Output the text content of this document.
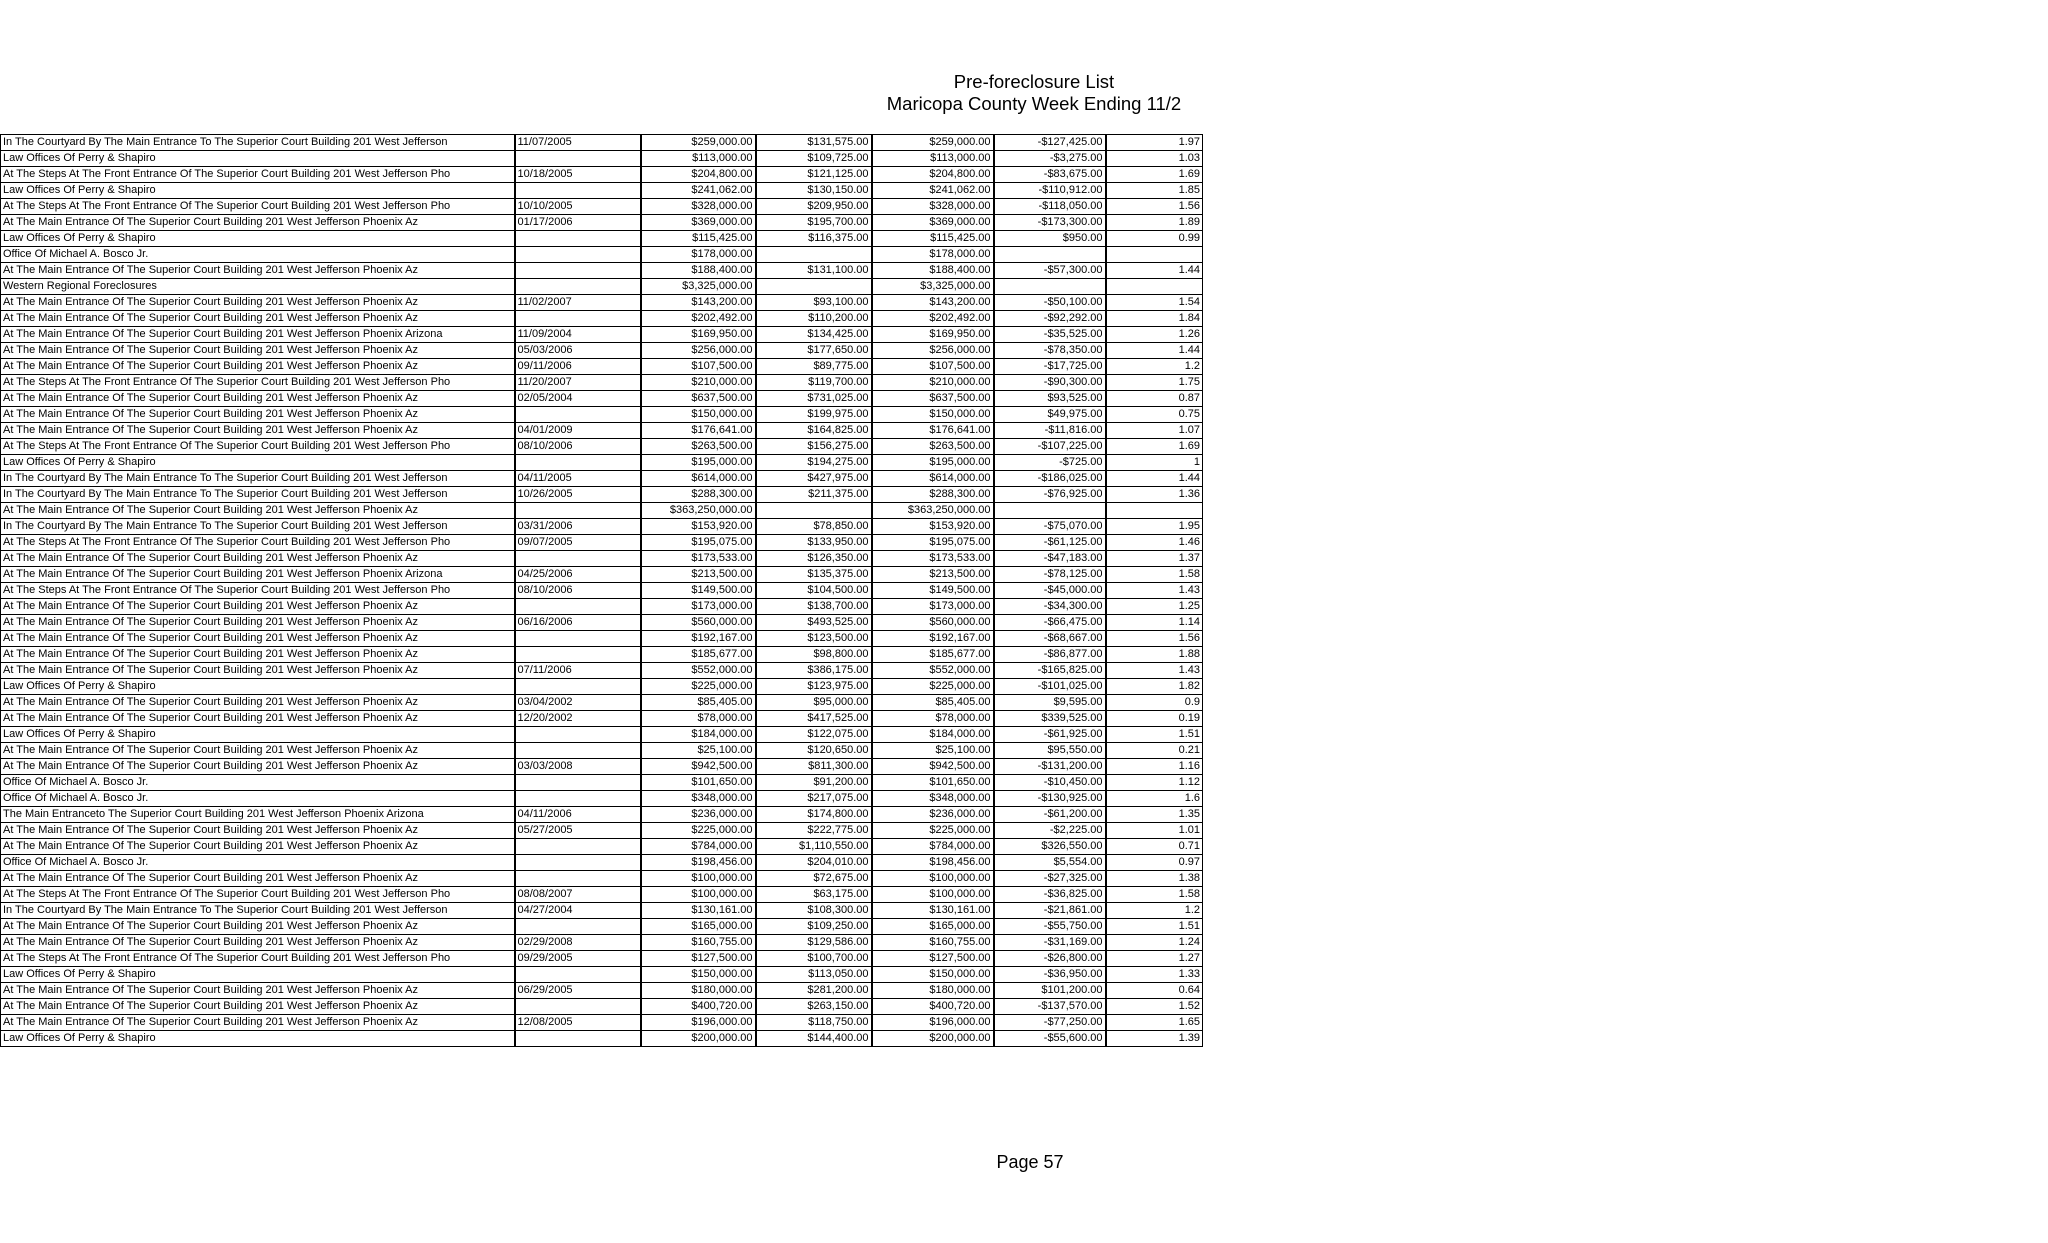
Pre-foreclosure List
Maricopa County Week Ending 11/2
In The Courtyard By The Main Entrance To The Superior Court Building 201 West Jefferson	11/07/2005	$259,000.00	$131,575.00	$259,000.00	-$127,425.00	1.97
Law Offices Of Perry & Shapiro		$113,000.00	$109,725.00	$113,000.00	-$3,275.00	1.03
At The Steps At The Front Entrance Of The Superior Court Building 201 West Jefferson Pho	10/18/2005	$204,800.00	$121,125.00	$204,800.00	-$83,675.00	1.69
Law Offices Of Perry & Shapiro		$241,062.00	$130,150.00	$241,062.00	-$110,912.00	1.85
At The Steps At The Front Entrance Of The Superior Court Building 201 West Jefferson Pho	10/10/2005	$328,000.00	$209,950.00	$328,000.00	-$118,050.00	1.56
At The Main Entrance Of The Superior Court Building 201 West Jefferson Phoenix Az	01/17/2006	$369,000.00	$195,700.00	$369,000.00	-$173,300.00	1.89
Law Offices Of Perry & Shapiro		$115,425.00	$116,375.00	$115,425.00	$950.00	0.99
Office Of Michael A. Bosco Jr.		$178,000.00		$178,000.00		
At The Main Entrance Of The Superior Court Building 201 West Jefferson Phoenix Az		$188,400.00	$131,100.00	$188,400.00	-$57,300.00	1.44
Western Regional Foreclosures		$3,325,000.00		$3,325,000.00		
At The Main Entrance Of The Superior Court Building 201 West Jefferson Phoenix Az	11/02/2007	$143,200.00	$93,100.00	$143,200.00	-$50,100.00	1.54
At The Main Entrance Of The Superior Court Building 201 West Jefferson Phoenix Az		$202,492.00	$110,200.00	$202,492.00	-$92,292.00	1.84
At The Main Entrance Of The Superior Court Building 201 West Jefferson Phoenix Arizona	11/09/2004	$169,950.00	$134,425.00	$169,950.00	-$35,525.00	1.26
At The Main Entrance Of The Superior Court Building 201 West Jefferson Phoenix Az	05/03/2006	$256,000.00	$177,650.00	$256,000.00	-$78,350.00	1.44
At The Main Entrance Of The Superior Court Building 201 West Jefferson Phoenix Az	09/11/2006	$107,500.00	$89,775.00	$107,500.00	-$17,725.00	1.2
At The Steps At The Front Entrance Of The Superior Court Building 201 West Jefferson Pho	11/20/2007	$210,000.00	$119,700.00	$210,000.00	-$90,300.00	1.75
At The Main Entrance Of The Superior Court Building 201 West Jefferson Phoenix Az	02/05/2004	$637,500.00	$731,025.00	$637,500.00	$93,525.00	0.87
At The Main Entrance Of The Superior Court Building 201 West Jefferson Phoenix Az		$150,000.00	$199,975.00	$150,000.00	$49,975.00	0.75
At The Main Entrance Of The Superior Court Building 201 West Jefferson Phoenix Az	04/01/2009	$176,641.00	$164,825.00	$176,641.00	-$11,816.00	1.07
At The Steps At The Front Entrance Of The Superior Court Building 201 West Jefferson Pho	08/10/2006	$263,500.00	$156,275.00	$263,500.00	-$107,225.00	1.69
Law Offices Of Perry & Shapiro		$195,000.00	$194,275.00	$195,000.00	-$725.00	1
In The Courtyard By The Main Entrance To The Superior Court Building 201 West Jefferson	04/11/2005	$614,000.00	$427,975.00	$614,000.00	-$186,025.00	1.44
In The Courtyard By The Main Entrance To The Superior Court Building 201 West Jefferson	10/26/2005	$288,300.00	$211,375.00	$288,300.00	-$76,925.00	1.36
At The Main Entrance Of The Superior Court Building 201 West Jefferson Phoenix Az		$363,250,000.00		$363,250,000.00		
In The Courtyard By The Main Entrance To The Superior Court Building 201 West Jefferson	03/31/2006	$153,920.00	$78,850.00	$153,920.00	-$75,070.00	1.95
At The Steps At The Front Entrance Of The Superior Court Building 201 West Jefferson Pho	09/07/2005	$195,075.00	$133,950.00	$195,075.00	-$61,125.00	1.46
At The Main Entrance Of The Superior Court Building 201 West Jefferson Phoenix Az		$173,533.00	$126,350.00	$173,533.00	-$47,183.00	1.37
At The Main Entrance Of The Superior Court Building 201 West Jefferson Phoenix Arizona	04/25/2006	$213,500.00	$135,375.00	$213,500.00	-$78,125.00	1.58
At The Steps At The Front Entrance Of The Superior Court Building 201 West Jefferson Pho	08/10/2006	$149,500.00	$104,500.00	$149,500.00	-$45,000.00	1.43
At The Main Entrance Of The Superior Court Building 201 West Jefferson Phoenix Az		$173,000.00	$138,700.00	$173,000.00	-$34,300.00	1.25
At The Main Entrance Of The Superior Court Building 201 West Jefferson Phoenix Az	06/16/2006	$560,000.00	$493,525.00	$560,000.00	-$66,475.00	1.14
At The Main Entrance Of The Superior Court Building 201 West Jefferson Phoenix Az		$192,167.00	$123,500.00	$192,167.00	-$68,667.00	1.56
At The Main Entrance Of The Superior Court Building 201 West Jefferson Phoenix Az		$185,677.00	$98,800.00	$185,677.00	-$86,877.00	1.88
At The Main Entrance Of The Superior Court Building 201 West Jefferson Phoenix Az	07/11/2006	$552,000.00	$386,175.00	$552,000.00	-$165,825.00	1.43
Law Offices Of Perry & Shapiro		$225,000.00	$123,975.00	$225,000.00	-$101,025.00	1.82
At The Main Entrance Of The Superior Court Building 201 West Jefferson Phoenix Az	03/04/2002	$85,405.00	$95,000.00	$85,405.00	$9,595.00	0.9
At The Main Entrance Of The Superior Court Building 201 West Jefferson Phoenix Az	12/20/2002	$78,000.00	$417,525.00	$78,000.00	$339,525.00	0.19
Law Offices Of Perry & Shapiro		$184,000.00	$122,075.00	$184,000.00	-$61,925.00	1.51
At The Main Entrance Of The Superior Court Building 201 West Jefferson Phoenix Az		$25,100.00	$120,650.00	$25,100.00	$95,550.00	0.21
At The Main Entrance Of The Superior Court Building 201 West Jefferson Phoenix Az	03/03/2008	$942,500.00	$811,300.00	$942,500.00	-$131,200.00	1.16
Office Of Michael A. Bosco Jr.		$101,650.00	$91,200.00	$101,650.00	-$10,450.00	1.12
Office Of Michael A. Bosco Jr.		$348,000.00	$217,075.00	$348,000.00	-$130,925.00	1.6
The Main Entranceto The Superior Court Building 201 West Jefferson Phoenix Arizona	04/11/2006	$236,000.00	$174,800.00	$236,000.00	-$61,200.00	1.35
At The Main Entrance Of The Superior Court Building 201 West Jefferson Phoenix Az	05/27/2005	$225,000.00	$222,775.00	$225,000.00	-$2,225.00	1.01
At The Main Entrance Of The Superior Court Building 201 West Jefferson Phoenix Az		$784,000.00	$1,110,550.00	$784,000.00	$326,550.00	0.71
Office Of Michael A. Bosco Jr.		$198,456.00	$204,010.00	$198,456.00	$5,554.00	0.97
At The Main Entrance Of The Superior Court Building 201 West Jefferson Phoenix Az		$100,000.00	$72,675.00	$100,000.00	-$27,325.00	1.38
At The Steps At The Front Entrance Of The Superior Court Building 201 West Jefferson Pho	08/08/2007	$100,000.00	$63,175.00	$100,000.00	-$36,825.00	1.58
In The Courtyard By The Main Entrance To The Superior Court Building 201 West Jefferson	04/27/2004	$130,161.00	$108,300.00	$130,161.00	-$21,861.00	1.2
At The Main Entrance Of The Superior Court Building 201 West Jefferson Phoenix Az		$165,000.00	$109,250.00	$165,000.00	-$55,750.00	1.51
At The Main Entrance Of The Superior Court Building 201 West Jefferson Phoenix Az	02/29/2008	$160,755.00	$129,586.00	$160,755.00	-$31,169.00	1.24
At The Steps At The Front Entrance Of The Superior Court Building 201 West Jefferson Pho	09/29/2005	$127,500.00	$100,700.00	$127,500.00	-$26,800.00	1.27
Law Offices Of Perry & Shapiro		$150,000.00	$113,050.00	$150,000.00	-$36,950.00	1.33
At The Main Entrance Of The Superior Court Building 201 West Jefferson Phoenix Az	06/29/2005	$180,000.00	$281,200.00	$180,000.00	$101,200.00	0.64
At The Main Entrance Of The Superior Court Building 201 West Jefferson Phoenix Az		$400,720.00	$263,150.00	$400,720.00	-$137,570.00	1.52
At The Main Entrance Of The Superior Court Building 201 West Jefferson Phoenix Az	12/08/2005	$196,000.00	$118,750.00	$196,000.00	-$77,250.00	1.65
Law Offices Of Perry & Shapiro		$200,000.00	$144,400.00	$200,000.00	-$55,600.00	1.39
Page 57
